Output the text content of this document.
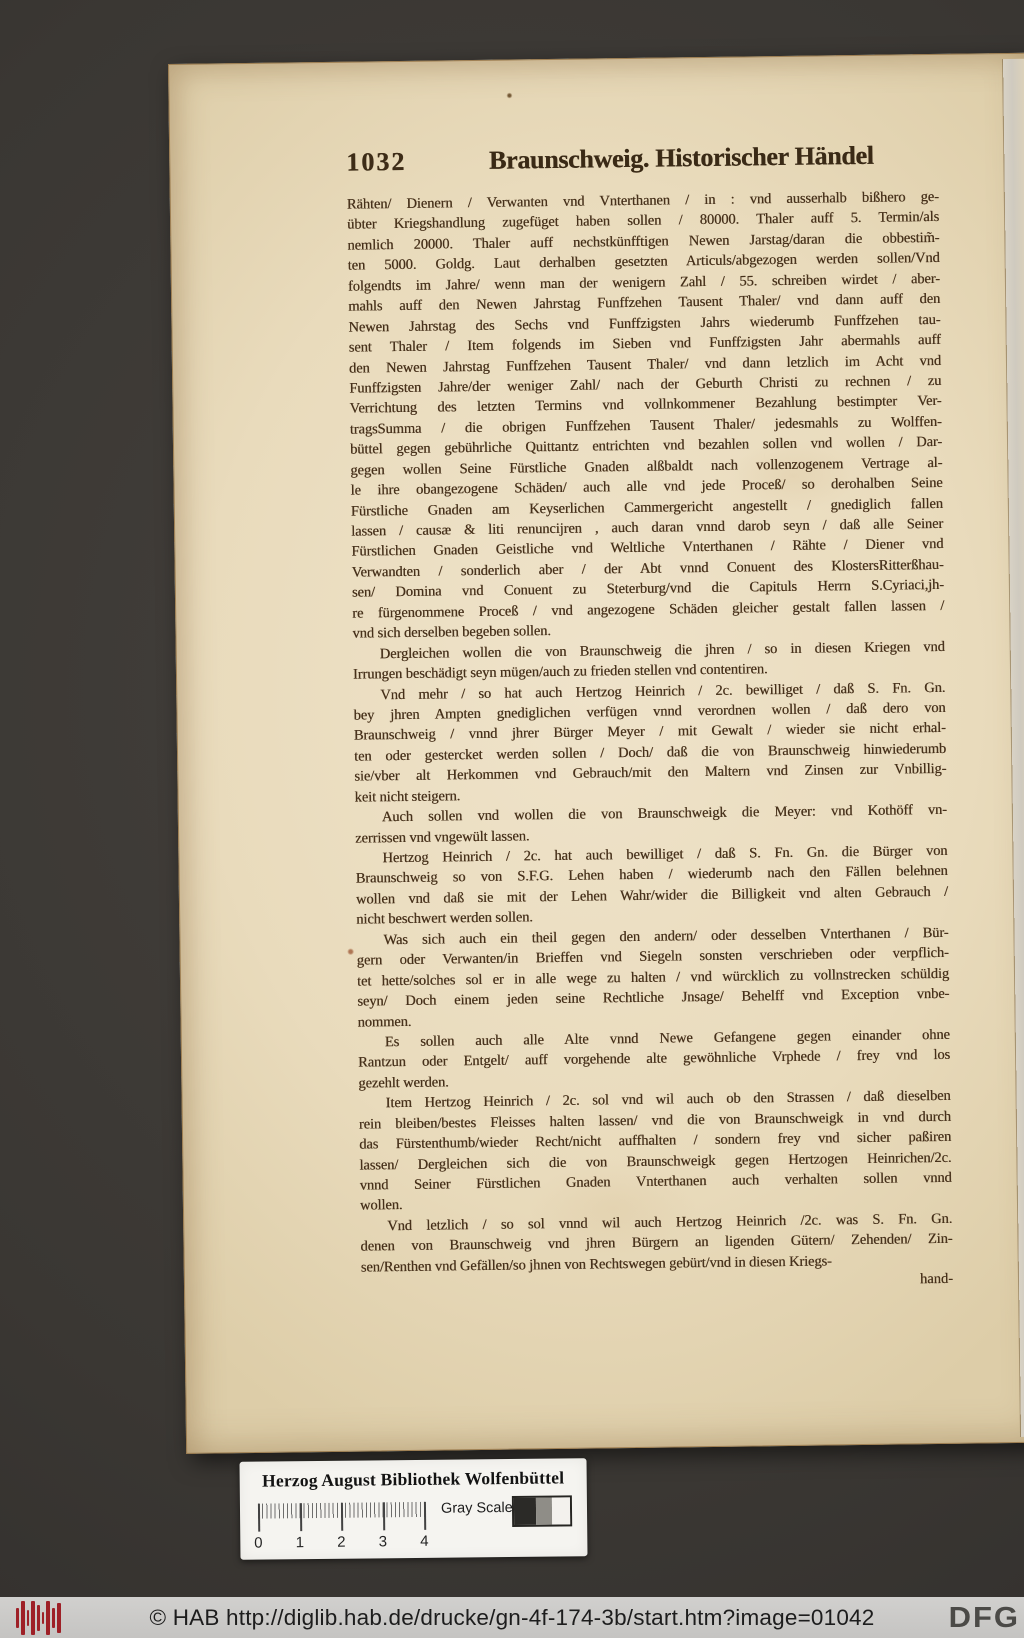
1032	Braunschweig. Historischer Händel
Rähten/ Dienern / Verwanten vnd Vnterthanen / in : vnd ausserhalb bißhero ge-
übter Kriegshandlung zugefüget haben sollen / 80000. Thaler auff 5. Termin/als
nemlich 20000. Thaler auff nechstkünfftigen Newen Jarstag/daran die obbestim̃-
ten 5000. Goldg. Laut derhalben gesetzten Articuls/abgezogen werden sollen/Vnd
folgendts im Jahre/ wenn man der wenigern Zahl / 55. schreiben wirdet / aber-
mahls auff den Newen Jahrstag Funffzehen Tausent Thaler/ vnd dann auff den
Newen Jahrstag des Sechs vnd Funffzigsten Jahrs wiederumb Funffzehen tau-
sent Thaler / Item folgends im Sieben vnd Funffzigsten Jahr abermahls auff
den Newen Jahrstag Funffzehen Tausent Thaler/ vnd dann letzlich im Acht vnd
Funffzigsten Jahre/der weniger Zahl/ nach der Geburth Christi zu rechnen / zu
Verrichtung des letzten Termins vnd vollnkommener Bezahlung bestimpter Ver-
tragsSumma / die obrigen Funffzehen Tausent Thaler/ jedesmahls zu Wolffen-
büttel gegen gebührliche Quittantz entrichten vnd bezahlen sollen vnd wollen / Dar-
gegen wollen Seine Fürstliche Gnaden alßbaldt nach vollenzogenem Vertrage al-
le ihre obangezogene Schäden/ auch alle vnd jede Proceß/ so derohalben Seine
Fürstliche Gnaden am Keyserlichen Cammergericht angestellt / gnediglich fallen
lassen / causæ & liti renuncijren , auch daran vnnd darob seyn / daß alle Seiner
Fürstlichen Gnaden Geistliche vnd Weltliche Vnterthanen / Rähte / Diener vnd
Verwandten / sonderlich aber / der Abt vnnd Conuent des KlostersRitterßhau-
sen/ Domina vnd Conuent zu Steterburg/vnd die Capituls Herrn S.Cyriaci,jh-
re fürgenommene Proceß / vnd angezogene Schäden gleicher gestalt fallen lassen /
vnd sich derselben begeben sollen.
Dergleichen wollen die von Braunschweig die jhren / so in diesen Kriegen vnd
Irrungen beschädigt seyn mügen/auch zu frieden stellen vnd contentiren.
Vnd mehr / so hat auch Hertzog Heinrich / 2c. bewilliget / daß S. Fn. Gn.
bey jhren Ampten gnediglichen verfügen vnnd verordnen wollen / daß dero von
Braunschweig / vnnd jhrer Bürger Meyer / mit Gewalt / wieder sie nicht erhal-
ten oder gestercket werden sollen / Doch/ daß die von Braunschweig hinwiederumb
sie/vber alt Herkommen vnd Gebrauch/mit den Maltern vnd Zinsen zur Vnbillig-
keit nicht steigern.
Auch sollen vnd wollen die von Braunschweigk die Meyer: vnd Kothöff vn-
zerrissen vnd vngewült lassen.
Hertzog Heinrich / 2c. hat auch bewilliget / daß S. Fn. Gn. die Bürger von
Braunschweig so von S.F.G. Lehen haben / wiederumb nach den Fällen belehnen
wollen vnd daß sie mit der Lehen Wahr/wider die Billigkeit vnd alten Gebrauch /
nicht beschwert werden sollen.
Was sich auch ein theil gegen den andern/ oder desselben Vnterthanen / Bür-
gern oder Verwanten/in Brieffen vnd Siegeln sonsten verschrieben oder verpflich-
tet hette/solches sol er in alle wege zu halten / vnd würcklich zu vollnstrecken schüldig
seyn/ Doch einem jeden seine Rechtliche Jnsage/ Behelff vnd Exception vnbe-
nommen.
Es sollen auch alle Alte vnnd Newe Gefangene gegen einander ohne
Rantzun oder Entgelt/ auff vorgehende alte gewöhnliche Vrphede / frey vnd los
gezehlt werden.
Item Hertzog Heinrich / 2c. sol vnd wil auch ob den Strassen / daß dieselben
rein bleiben/bestes Fleisses halten lassen/ vnd die von Braunschweigk in vnd durch
das Fürstenthumb/wieder Recht/nicht auffhalten / sondern frey vnd sicher paßiren
lassen/ Dergleichen sich die von Braunschweigk gegen Hertzogen Heinrichen/2c.
vnnd Seiner Fürstlichen Gnaden Vnterthanen auch verhalten sollen vnnd
wollen.
Vnd letzlich / so sol vnnd wil auch Hertzog Heinrich /2c. was S. Fn. Gn.
denen von Braunschweig vnd jhren Bürgern an ligenden Gütern/ Zehenden/ Zin-
sen/Renthen vnd Gefällen/so jhnen von Rechtswegen gebürt/vnd in diesen Kriegs-
hand-
Herzog August Bibliothek Wolfenbüttel
0	1	2	3	4
Gray Scale
© HAB http://diglib.hab.de/drucke/gn-4f-174-3b/start.htm?image=01042	DFG
